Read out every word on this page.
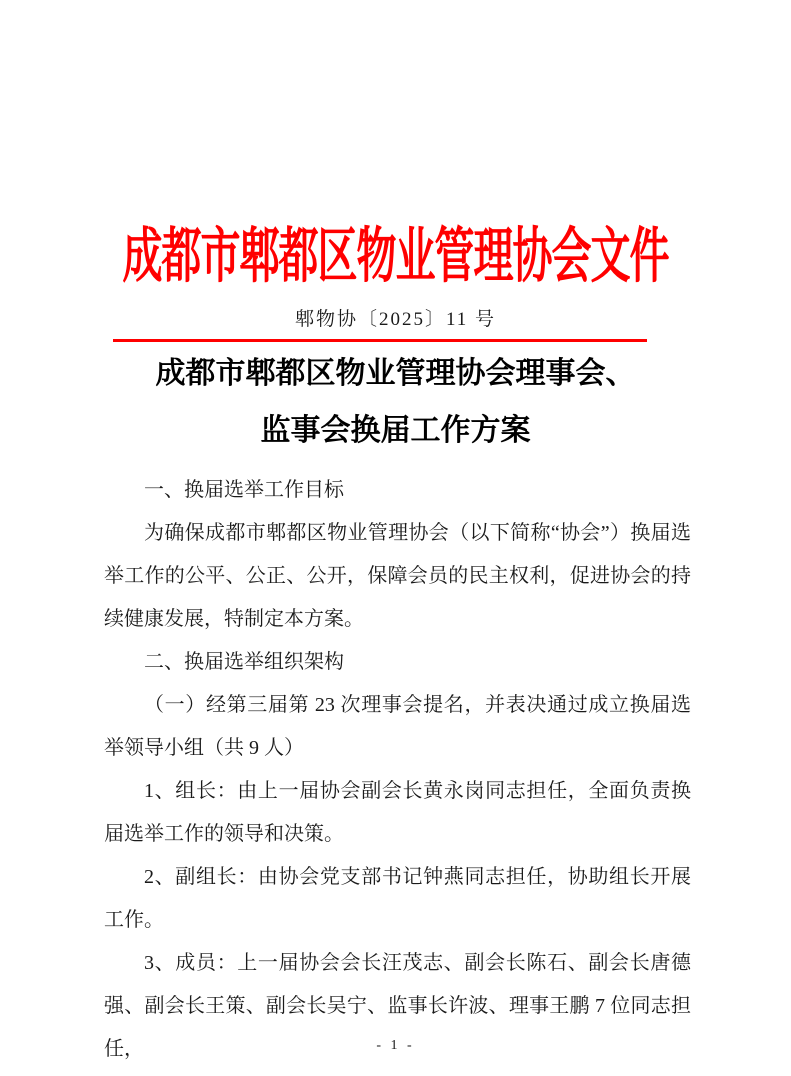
成都市郫都区物业管理协会文件
郫物协〔2025〕11 号
成都市郫都区物业管理协会理事会、
监事会换届工作方案

一、换届选举工作目标

为确保成都市郫都区物业管理协会（以下简称“协会”）换届选举工作的公平、公正、公开，保障会员的民主权利，促进协会的持续健康发展，特制定本方案。

二、换届选举组织架构

（一）经第三届第 23 次理事会提名，并表决通过成立换届选举领导小组（共 9 人）

1、组长：由上一届协会副会长黄永岗同志担任，全面负责换届选举工作的领导和决策。

2、副组长：由协会党支部书记钟燕同志担任，协助组长开展工作。

3、成员：上一届协会会长汪茂志、副会长陈石、副会长唐德强、副会长王策、副会长吴宁、监事长许波、理事王鹏 7 位同志担任，	- 1 -
